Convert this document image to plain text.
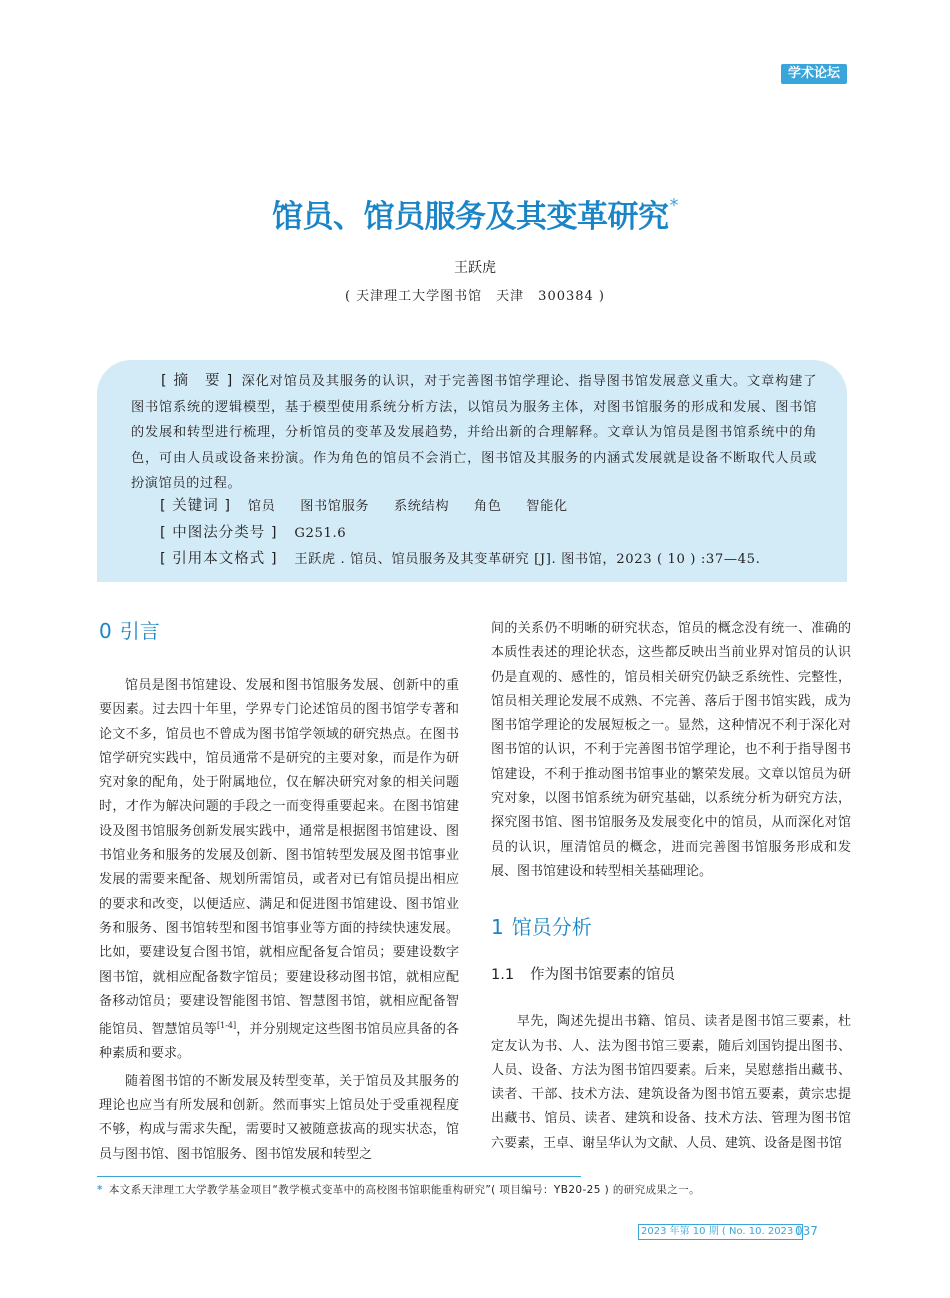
学术论坛
馆员、馆员服务及其变革研究*
王跃虎
( 天津理工大学图书馆　天津　300384 )
[ 摘　要 ] 深化对馆员及其服务的认识，对于完善图书馆学理论、指导图书馆发展意义重大。文章构建了图书馆系统的逻辑模型，基于模型使用系统分析方法，以馆员为服务主体，对图书馆服务的形成和发展、图书馆的发展和转型进行梳理，分析馆员的变革及发展趋势，并给出新的合理解释。文章认为馆员是图书馆系统中的角色，可由人员或设备来扮演。作为角色的馆员不会消亡，图书馆及其服务的内涵式发展就是设备不断取代人员或扮演馆员的过程。
[ 关键词 ] 馆员 图书馆服务 系统结构 角色 智能化
[ 中图法分类号 ] G251.6
[ 引用本文格式 ] 王跃虎 . 馆员、馆员服务及其变革研究 [J]. 图书馆，2023 ( 10 ) :37—45.
0 引言

馆员是图书馆建设、发展和图书馆服务发展、创新中的重要因素。过去四十年里，学界专门论述馆员的图书馆学专著和论文不多，馆员也不曾成为图书馆学领域的研究热点。在图书馆学研究实践中，馆员通常不是研究的主要对象，而是作为研究对象的配角，处于附属地位，仅在解决研究对象的相关问题时，才作为解决问题的手段之一而变得重要起来。在图书馆建设及图书馆服务创新发展实践中，通常是根据图书馆建设、图书馆业务和服务的发展及创新、图书馆转型发展及图书馆事业发展的需要来配备、规划所需馆员，或者对已有馆员提出相应的要求和改变，以便适应、满足和促进图书馆建设、图书馆业务和服务、图书馆转型和图书馆事业等方面的持续快速发展。比如，要建设复合图书馆，就相应配备复合馆员；要建设数字图书馆，就相应配备数字馆员；要建设移动图书馆，就相应配备移动馆员；要建设智能图书馆、智慧图书馆，就相应配备智能馆员、智慧馆员等[1-4]，并分别规定这些图书馆员应具备的各种素质和要求。

随着图书馆的不断发展及转型变革，关于馆员及其服务的理论也应当有所发展和创新。然而事实上馆员处于受重视程度不够，构成与需求失配，需要时又被随意拔高的现实状态，馆员与图书馆、图书馆服务、图书馆发展和转型之

间的关系仍不明晰的研究状态，馆员的概念没有统一、准确的本质性表述的理论状态，这些都反映出当前业界对馆员的认识仍是直观的、感性的，馆员相关研究仍缺乏系统性、完整性，馆员相关理论发展不成熟、不完善、落后于图书馆实践，成为图书馆学理论的发展短板之一。显然，这种情况不利于深化对图书馆的认识，不利于完善图书馆学理论，也不利于指导图书馆建设，不利于推动图书馆事业的繁荣发展。文章以馆员为研究对象，以图书馆系统为研究基础，以系统分析为研究方法，探究图书馆、图书馆服务及发展变化中的馆员，从而深化对馆员的认识，厘清馆员的概念，进而完善图书馆服务形成和发展、图书馆建设和转型相关基础理论。

1 馆员分析
1.1 作为图书馆要素的馆员

早先，陶述先提出书籍、馆员、读者是图书馆三要素，杜定友认为书、人、法为图书馆三要素，随后刘国钧提出图书、人员、设备、方法为图书馆四要素。后来，吴慰慈指出藏书、读者、干部、技术方法、建筑设备为图书馆五要素，黄宗忠提出藏书、馆员、读者、建筑和设备、技术方法、管理为图书馆六要素，王卓、谢呈华认为文献、人员、建筑、设备是图书馆

* 本文系天津理工大学教学基金项目“教学模式变革中的高校图书馆职能重构研究”( 项目编号：YB20-25 ) 的研究成果之一。
2023 年第 10 期 ( No. 10. 2023 )
037
